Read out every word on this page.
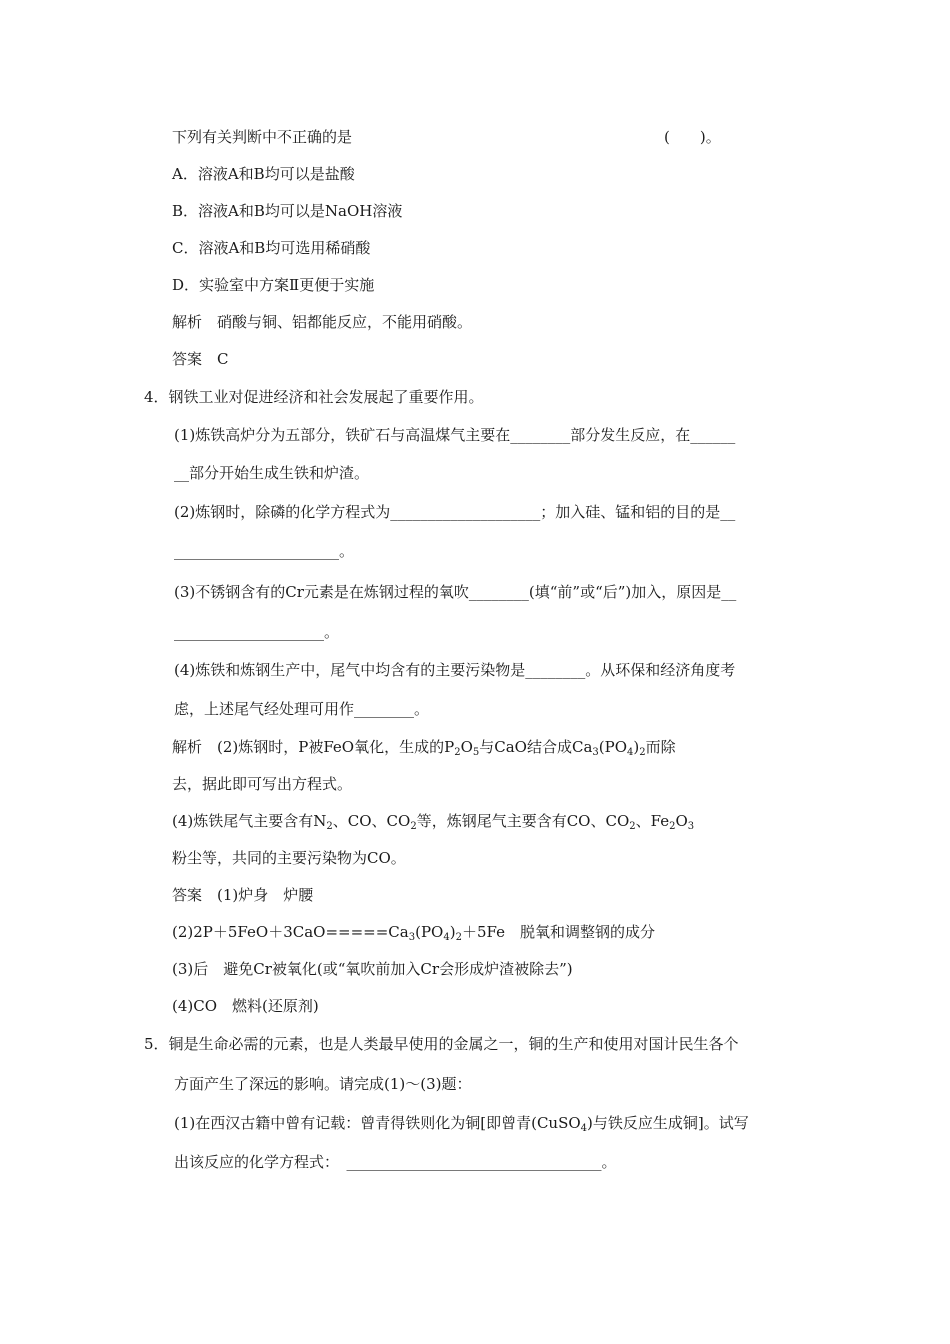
下列有关判断中不正确的是	(　　)。
A．溶液A和B均可以是盐酸
B．溶液A和B均可以是NaOH溶液
C．溶液A和B均可选用稀硝酸
D．实验室中方案Ⅱ更便于实施
解析　硝酸与铜、铝都能反应，不能用硝酸。
答案　C
4．钢铁工业对促进经济和社会发展起了重要作用。
(1)炼铁高炉分为五部分，铁矿石与高温煤气主要在________部分发生反应，在______
__部分开始生成生铁和炉渣。
(2)炼钢时，除磷的化学方程式为____________________；加入硅、锰和铝的目的是__
______________________。
(3)不锈钢含有的Cr元素是在炼钢过程的氧吹________(填“前”或“后”)加入，原因是__
____________________。
(4)炼铁和炼钢生产中，尾气中均含有的主要污染物是________。从环保和经济角度考
虑，上述尾气经处理可用作________。
解析　(2)炼钢时，P被FeO氧化，生成的$P_2O_5$与CaO结合成$Ca_3(PO_4)_2$而除
去，据此即可写出方程式。
(4)炼铁尾气主要含有$N_2$、CO、$CO_2$等，炼钢尾气主要含有CO、$CO_2$、$Fe_2O_3$
粉尘等，共同的主要污染物为CO。
答案　(1)炉身　炉腰
$(2)2P+5FeO+3CaO=====Ca_3(PO_4)_2+5Fe$　脱氧和调整钢的成分
(3)后　避免Cr被氧化(或“氧吹前加入Cr会形成炉渣被除去”)
(4)CO　燃料(还原剂)
5．铜是生命必需的元素，也是人类最早使用的金属之一，铜的生产和使用对国计民生各个
方面产生了深远的影响。请完成(1)～(3)题：
(1)在西汉古籍中曾有记载：曾青得铁则化为铜[即曾青(CuSO$_4$)与铁反应生成铜]。试写
出该反应的化学方程式：　__________________________________。
